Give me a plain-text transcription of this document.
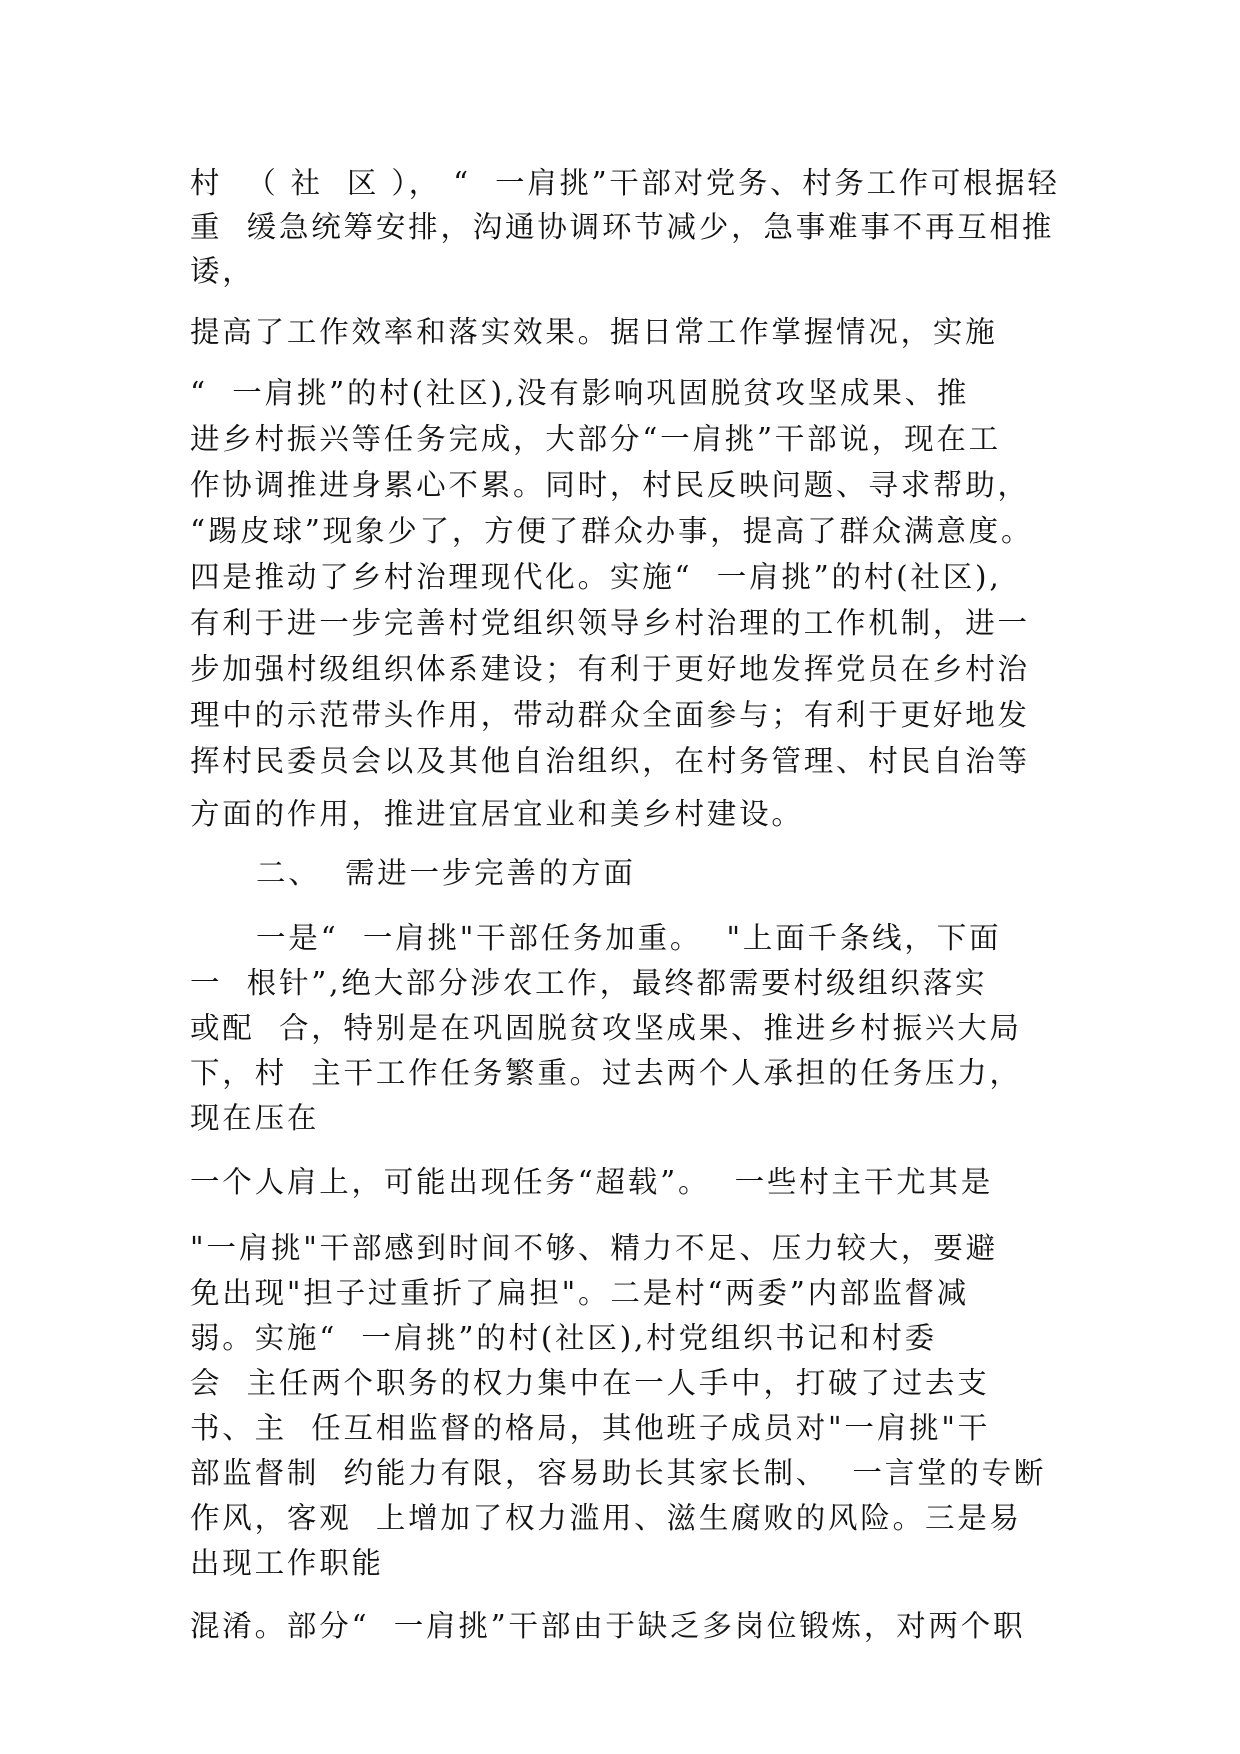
村  （ 社  区 ）， “  一肩挑”干部对党务、村务工作可根据轻

重  缓急统筹安排，沟通协调环节减少，急事难事不再互相推

诿，

提高了工作效率和落实效果。据日常工作掌握情况，实施

“  一肩挑”的村(社区),没有影响巩固脱贫攻坚成果、推

进乡村振兴等任务完成，大部分“一肩挑”干部说，现在工

作协调推进身累心不累。同时，村民反映问题、寻求帮助，

“踢皮球”现象少了，方便了群众办事，提高了群众满意度。

四是推动了乡村治理现代化。实施“  一肩挑”的村(社区),

有利于进一步完善村党组织领导乡村治理的工作机制，进一

步加强村级组织体系建设；有利于更好地发挥党员在乡村治

理中的示范带头作用，带动群众全面参与；有利于更好地发

挥村民委员会以及其他自治组织，在村务管理、村民自治等

方面的作用，推进宜居宜业和美乡村建设。

二、  需进一步完善的方面

一是“  一肩挑"干部任务加重。  "上面千条线，下面

一  根针”,绝大部分涉农工作，最终都需要村级组织落实

或配  合，特别是在巩固脱贫攻坚成果、推进乡村振兴大局

下，村  主干工作任务繁重。过去两个人承担的任务压力，

现在压在

一个人肩上，可能出现任务“超载”。  一些村主干尤其是

"一肩挑"干部感到时间不够、精力不足、压力较大，要避

免出现"担子过重折了扁担"。二是村“两委”内部监督减

弱。实施“  一肩挑”的村(社区),村党组织书记和村委

会  主任两个职务的权力集中在一人手中，打破了过去支

书、主  任互相监督的格局，其他班子成员对"一肩挑"干

部监督制  约能力有限，容易助长其家长制、  一言堂的专断

作风，客观  上增加了权力滥用、滋生腐败的风险。三是易

出现工作职能

混淆。部分“  一肩挑”干部由于缺乏多岗位锻炼，对两个职
